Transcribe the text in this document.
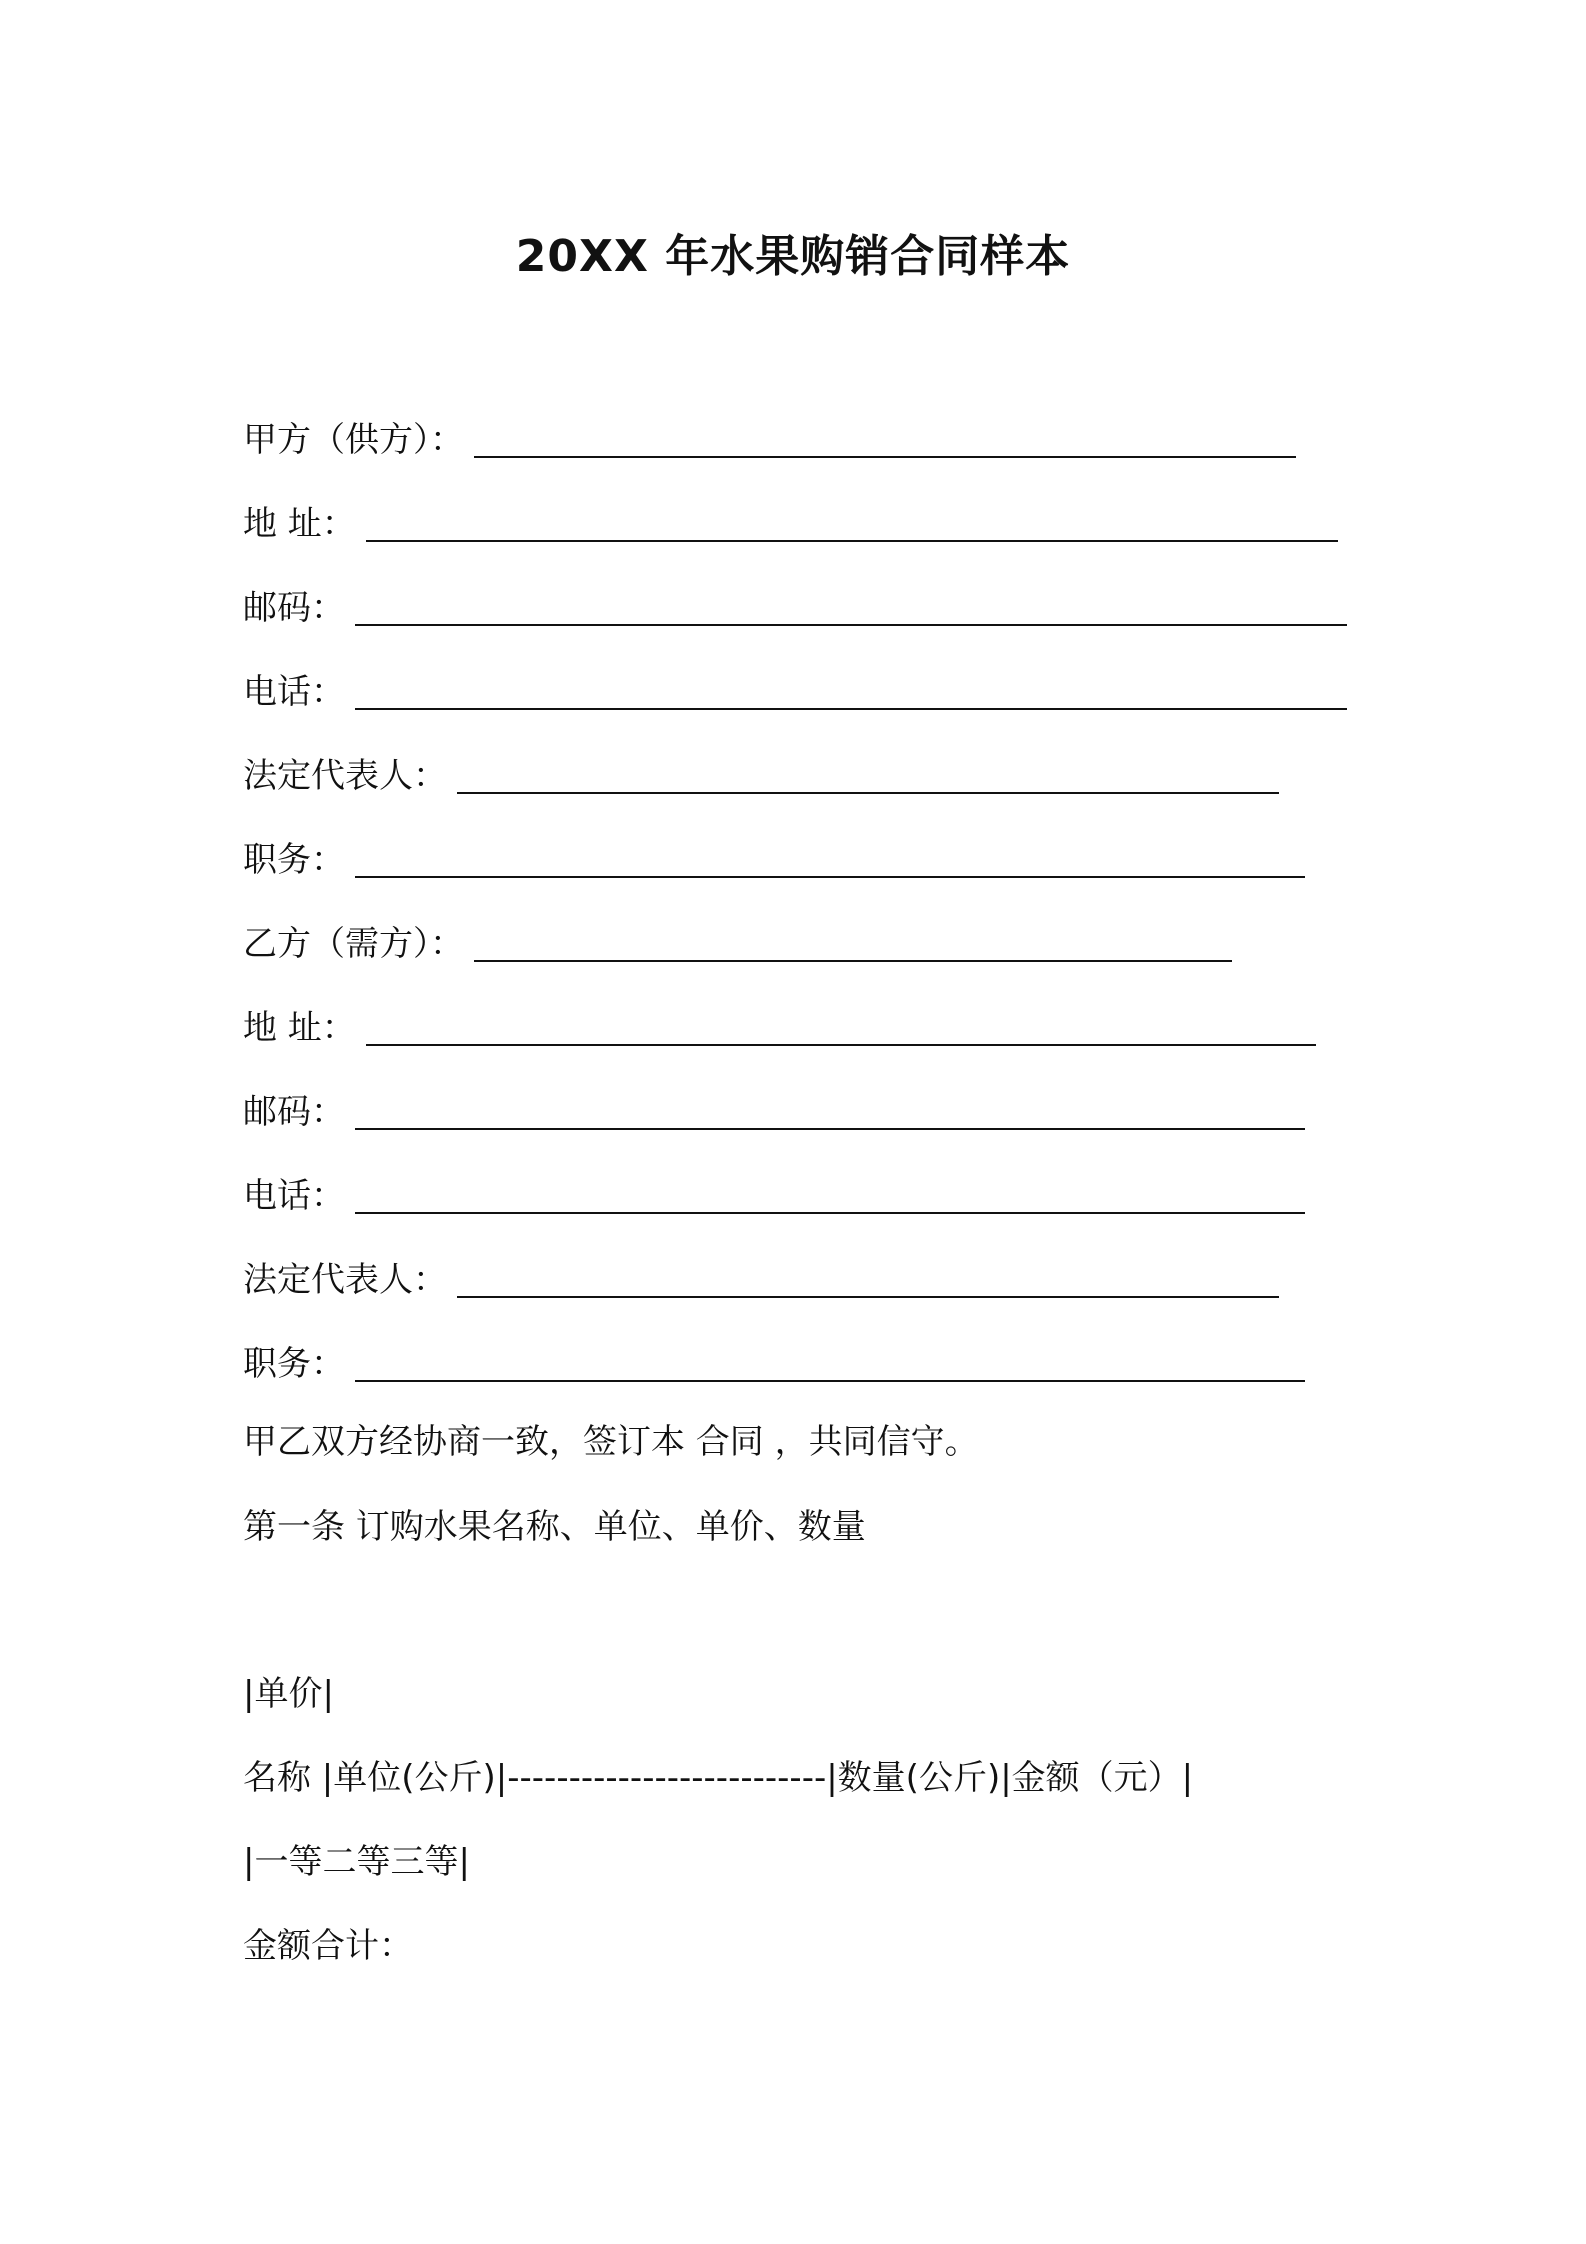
20XX 年水果购销合同样本
甲方（供方）：
地 址：
邮码：
电话：
法定代表人：
职务：
乙方（需方）：
地 址：
邮码：
电话：
法定代表人：
职务：
甲乙双方经协商一致，签订本 合同 ，共同信守。
第一条 订购水果名称、单位、单价、数量
|单价|
名称 |单位(公斤)|--------------------------|数量(公斤)|金额（元）|
|一等二等三等|
金额合计：
